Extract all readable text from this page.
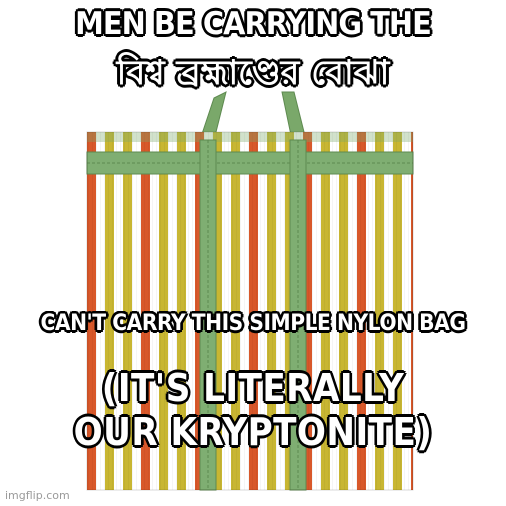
MEN BE CARRYING THE
বিশ্ব ব্রহ্মাণ্ডের বোঝা
CAN'T CARRY THIS SIMPLE NYLON BAG
(IT'S LITERALLY
OUR KRYPTONITE)
imgflip.com
